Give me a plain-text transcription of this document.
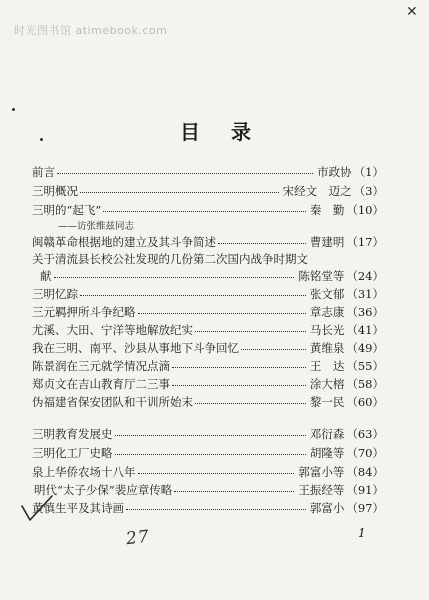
时光图书馆 atimebook.com
✕
目 录
前言	市政协 （1）
三明概况	宋经文　迈之 （3）
三明的“起飞”	秦　勤 （10）
——访张维兹同志
闽赣革命根据地的建立及其斗争简述	曹建明 （17）
关于清流县长校公社发现的几份第二次国内战争时期文
献	陈铭堂等 （24）
三明忆踪	张文郁 （31）
三元羁押所斗争纪略	章志康 （36）
尤溪、大田、宁洋等地解放纪实	马长光 （41）
我在三明、南平、沙县从事地下斗争回忆	黄维泉 （49）
陈景润在三元就学情况点滴	王　达 （55）
郑贞文在吉山教育厅二三事	涂大榕 （58）
伪福建省保安团队和干训所始末	黎一民 （60）
三明教育发展史	邓衍森 （63）
三明化工厂史略	胡隆等 （70）
泉上华侨农场十八年	郭富小等 （84）
明代“太子少保”裴应章传略	王振经等 （91）
黄慎生平及其诗画	郭富小 （97）
27	1
